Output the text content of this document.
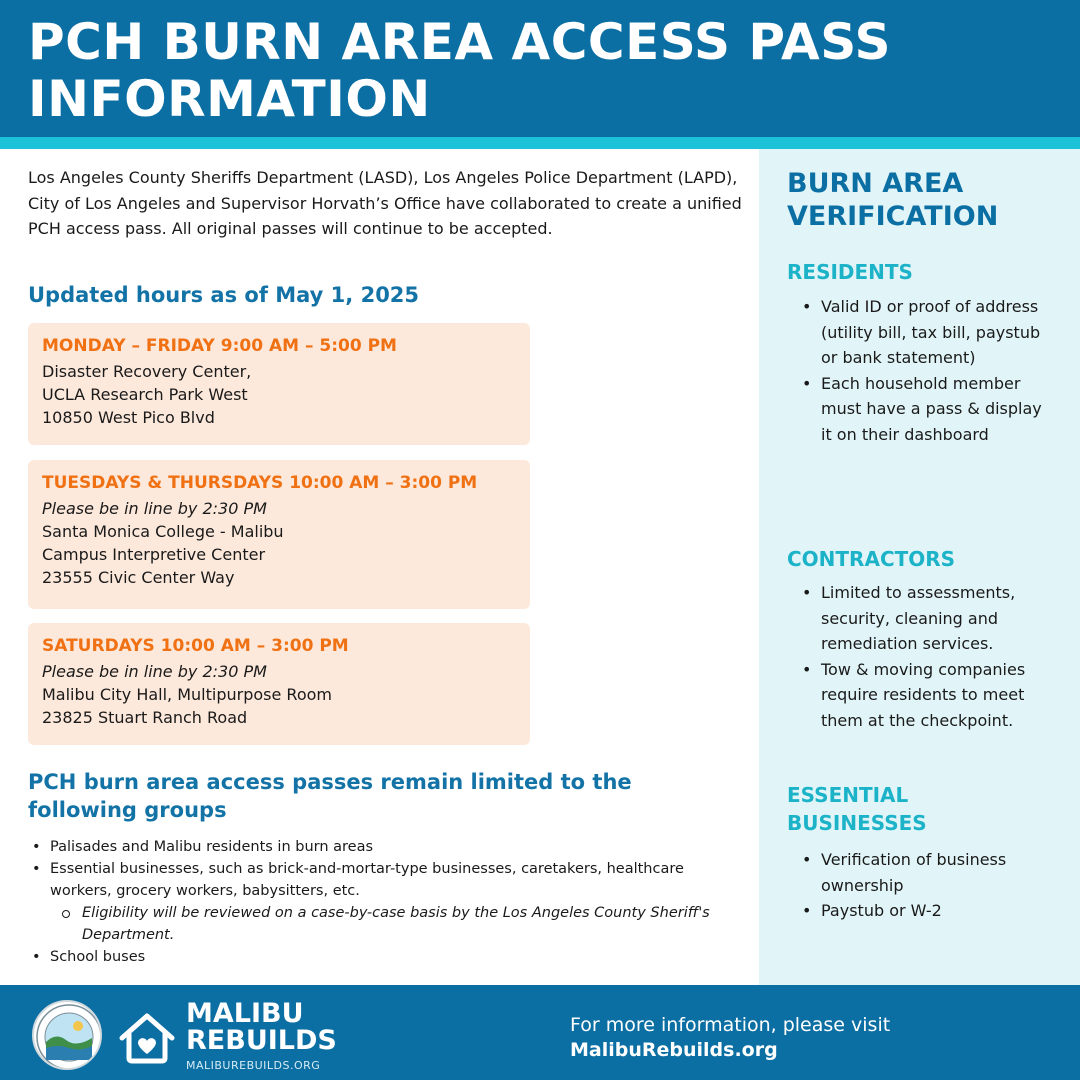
PCH BURN AREA ACCESS PASS INFORMATION

Los Angeles County Sheriffs Department (LASD), Los Angeles Police Department (LAPD), City of Los Angeles and Supervisor Horvath’s Office have collaborated to create a unified PCH access pass. All original passes will continue to be accepted.

Updated hours as of May 1, 2025
MONDAY – FRIDAY 9:00 AM – 5:00 PM
Disaster Recovery Center,
UCLA Research Park West
10850 West Pico Blvd
TUESDAYS & THURSDAYS 10:00 AM – 3:00 PM
Please be in line by 2:30 PM
Santa Monica College - Malibu
Campus Interpretive Center
23555 Civic Center Way
SATURDAYS 10:00 AM – 3:00 PM
Please be in line by 2:30 PM
Malibu City Hall, Multipurpose Room
23825 Stuart Ranch Road
PCH burn area access passes remain limited to the following groups
• Palisades and Malibu residents in burn areas
• Essential businesses, such as brick-and-mortar-type businesses, caretakers, healthcare workers, grocery workers, babysitters, etc.
Eligibility will be reviewed on a case-by-case basis by the Los Angeles County Sheriff's Department.
• School buses
BURN AREA VERIFICATION
RESIDENTS
• Valid ID or proof of address (utility bill, tax bill, paystub or bank statement)
• Each household member must have a pass & display it on their dashboard
CONTRACTORS
• Limited to assessments, security, cleaning and remediation services.
• Tow & moving companies require residents to meet them at the checkpoint.
ESSENTIAL BUSINESSES
• Verification of business ownership
• Paystub or W-2
MALIBU
REBUILDS
MALIBUREBUILDS.ORG
For more information, please visit
MalibuRebuilds.org
